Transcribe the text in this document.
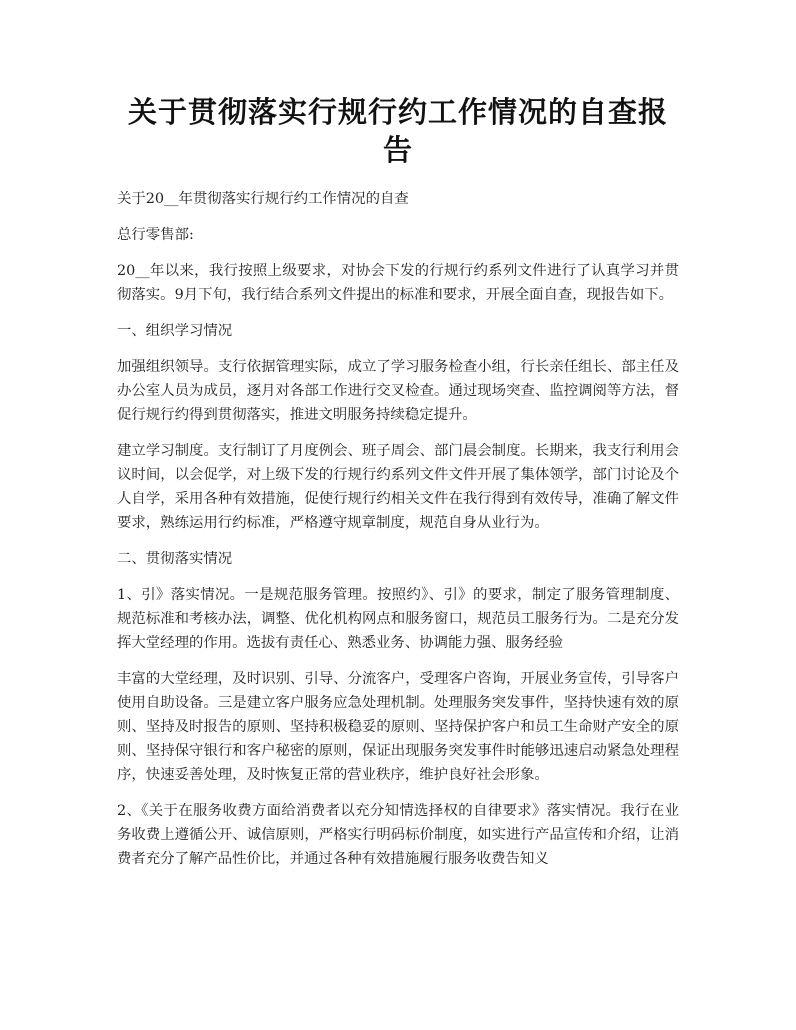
关于贯彻落实行规行约工作情况的自查报告

关于20__年贯彻落实行规行约工作情况的自查

总行零售部:

20__年以来，我行按照上级要求，对协会下发的行规行约系列文件进行了认真学习并贯彻落实。9月下旬，我行结合系列文件提出的标准和要求，开展全面自查，现报告如下。

一、组织学习情况

加强组织领导。支行依据管理实际，成立了学习服务检查小组，行长亲任组长、部主任及办公室人员为成员，逐月对各部工作进行交叉检查。通过现场突查、监控调阅等方法，督促行规行约得到贯彻落实，推进文明服务持续稳定提升。

建立学习制度。支行制订了月度例会、班子周会、部门晨会制度。长期来，我支行利用会议时间，以会促学，对上级下发的行规行约系列文件文件开展了集体领学，部门讨论及个人自学，采用各种有效措施，促使行规行约相关文件在我行得到有效传导，准确了解文件要求，熟练运用行约标准，严格遵守规章制度，规范自身从业行为。

二、贯彻落实情况

1、引》落实情况。一是规范服务管理。按照约》、引》的要求，制定了服务管理制度、规范标准和考核办法，调整、优化机构网点和服务窗口，规范员工服务行为。二是充分发挥大堂经理的作用。选拔有责任心、熟悉业务、协调能力强、服务经验

丰富的大堂经理，及时识别、引导、分流客户，受理客户咨询，开展业务宣传，引导客户使用自助设备。三是建立客户服务应急处理机制。处理服务突发事件，坚持快速有效的原则、坚持及时报告的原则、坚持积极稳妥的原则、坚持保护客户和员工生命财产安全的原则、坚持保守银行和客户秘密的原则，保证出现服务突发事件时能够迅速启动紧急处理程序，快速妥善处理，及时恢复正常的营业秩序，维护良好社会形象。

2、《关于在服务收费方面给消费者以充分知情选择权的自律要求》落实情况。我行在业务收费上遵循公开、诚信原则，严格实行明码标价制度，如实进行产品宣传和介绍，让消费者充分了解产品性价比，并通过各种有效措施履行服务收费告知义
